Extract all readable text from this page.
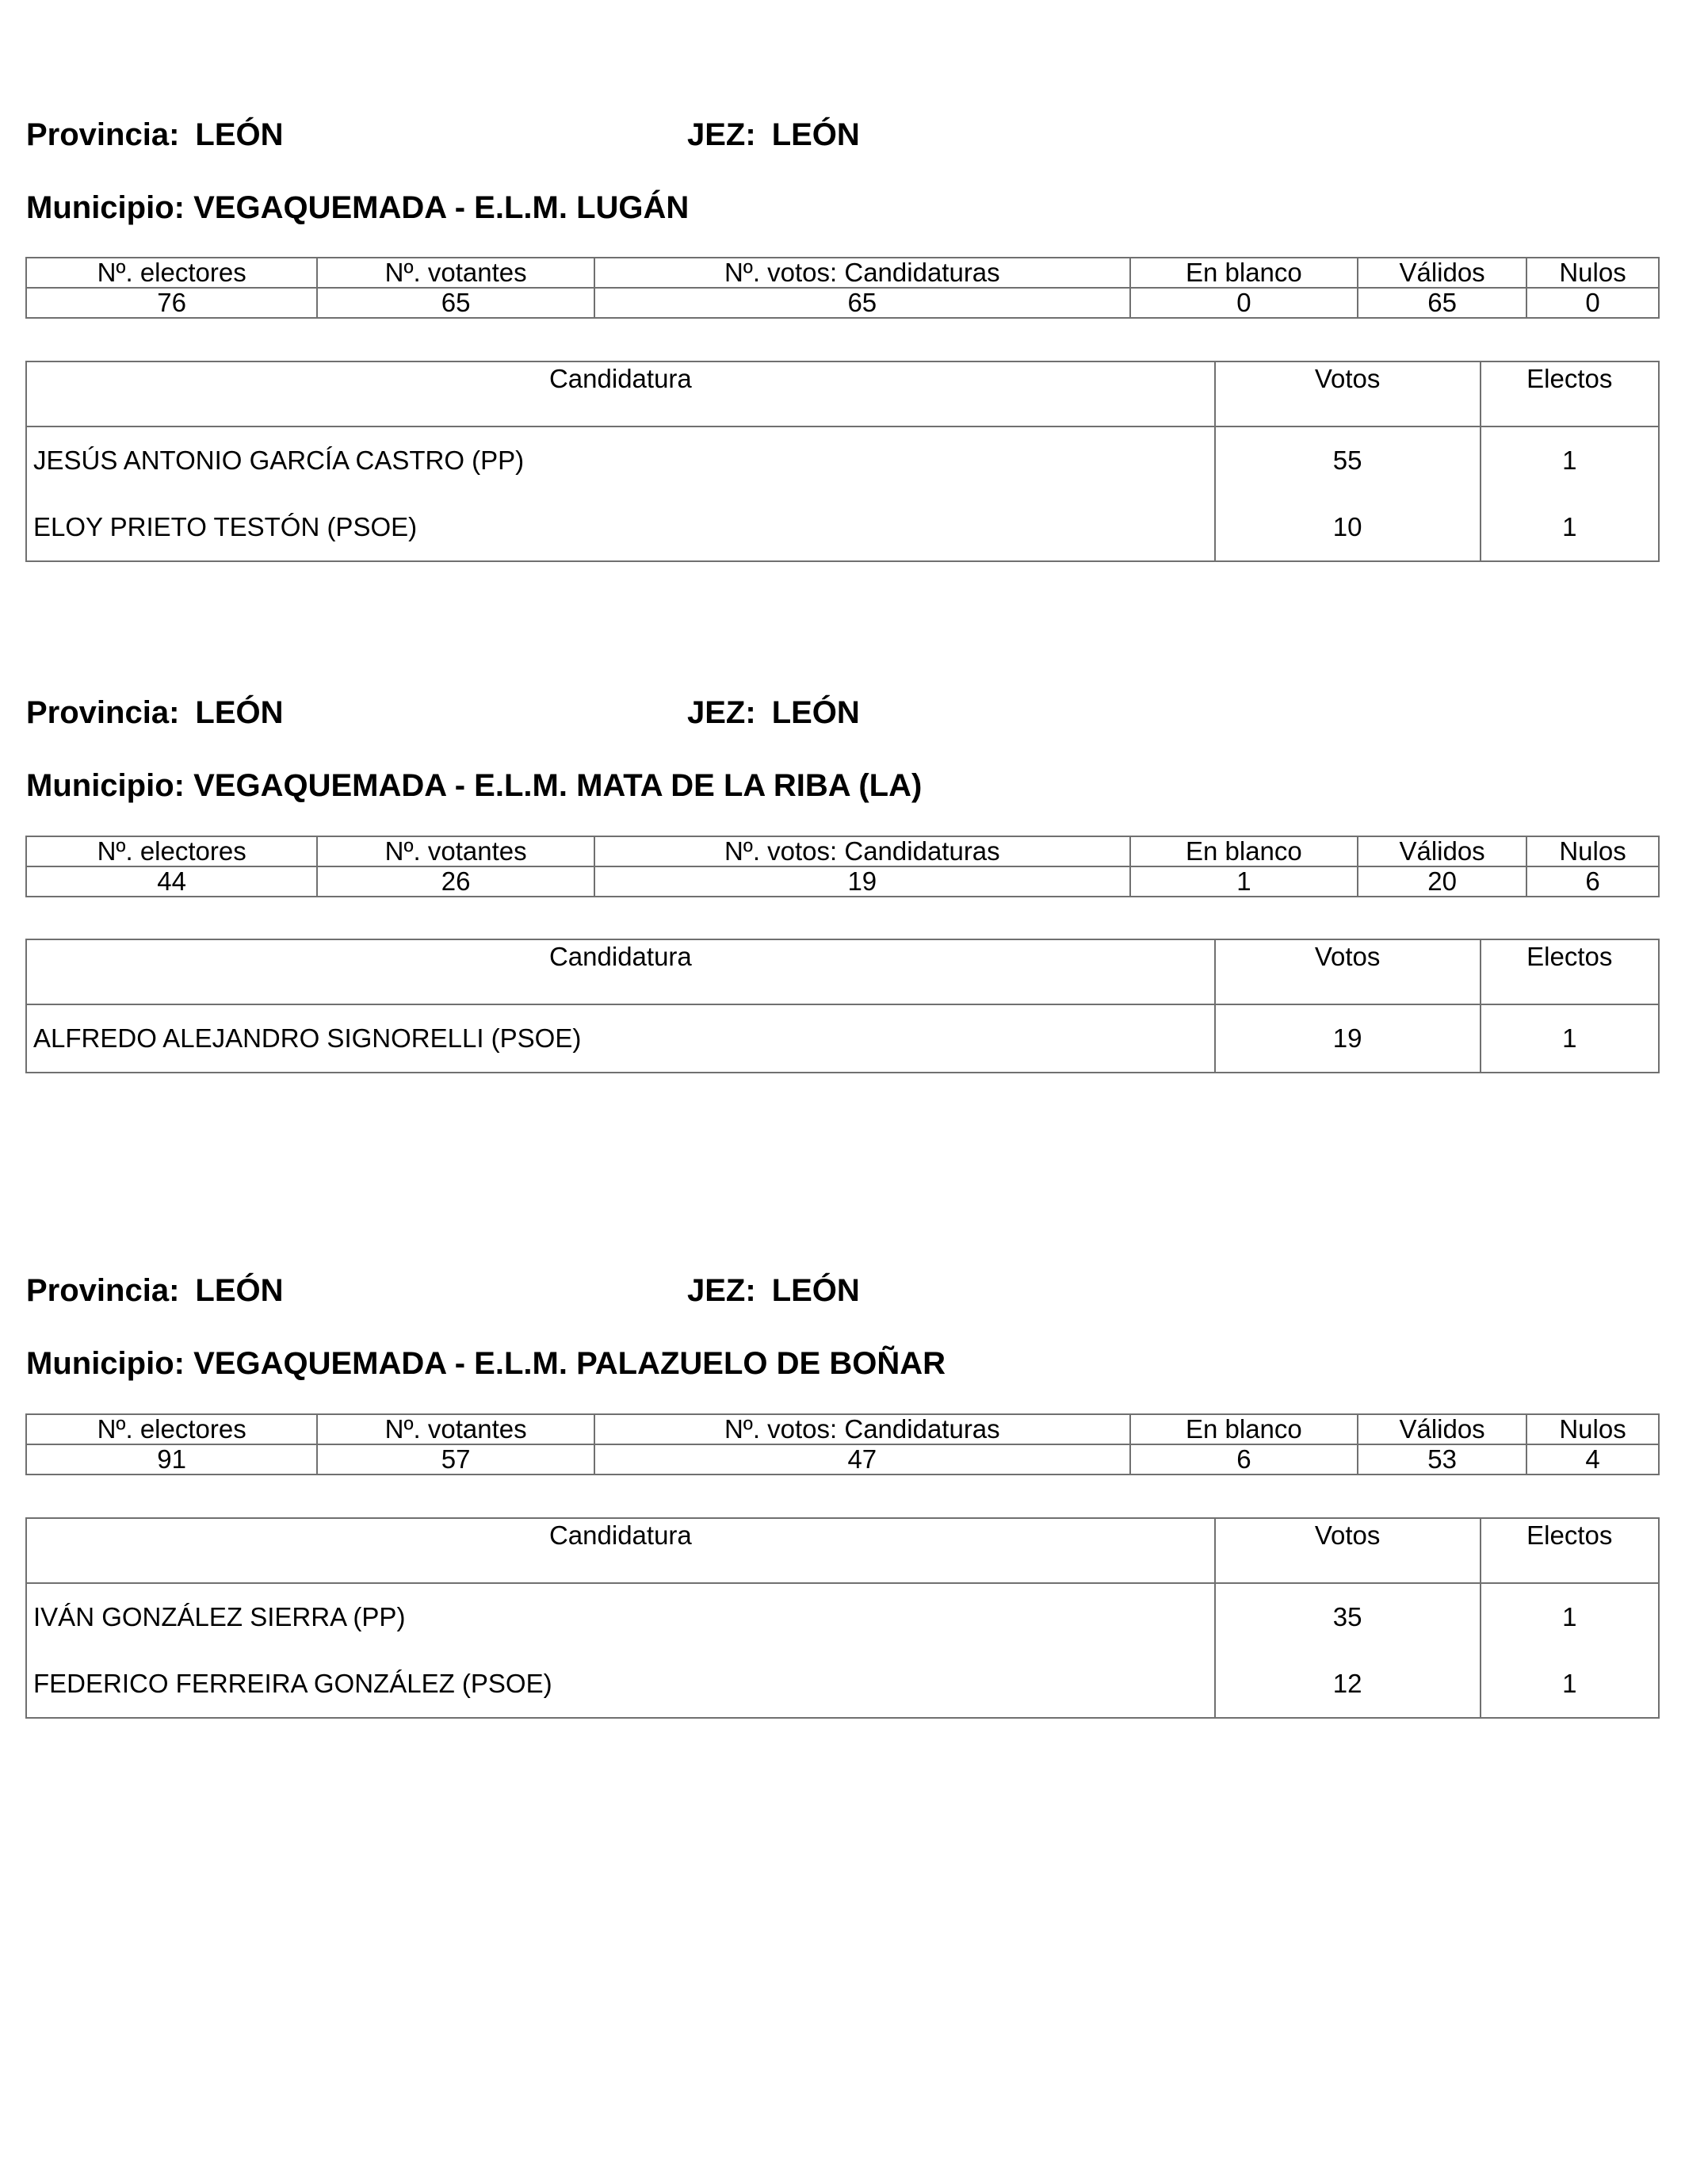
Provincia: LEÓN	JEZ: LEÓN
Municipio: VEGAQUEMADA - E.L.M. LUGÁN
Nº. electores	Nº. votantes	Nº. votos: Candidaturas	En blanco	Válidos	Nulos
76	65	65	0	65	0
Candidatura	Votos	Electos
JESÚS ANTONIO GARCÍA CASTRO (PP)	55	1
ELOY PRIETO TESTÓN (PSOE)	10	1
Provincia: LEÓN	JEZ: LEÓN
Municipio: VEGAQUEMADA - E.L.M. MATA DE LA RIBA (LA)
Nº. electores	Nº. votantes	Nº. votos: Candidaturas	En blanco	Válidos	Nulos
44	26	19	1	20	6
Candidatura	Votos	Electos
ALFREDO ALEJANDRO SIGNORELLI (PSOE)	19	1
Provincia: LEÓN	JEZ: LEÓN
Municipio: VEGAQUEMADA - E.L.M. PALAZUELO DE BOÑAR
Nº. electores	Nº. votantes	Nº. votos: Candidaturas	En blanco	Válidos	Nulos
91	57	47	6	53	4
Candidatura	Votos	Electos
IVÁN GONZÁLEZ SIERRA (PP)	35	1
FEDERICO FERREIRA GONZÁLEZ (PSOE)	12	1
